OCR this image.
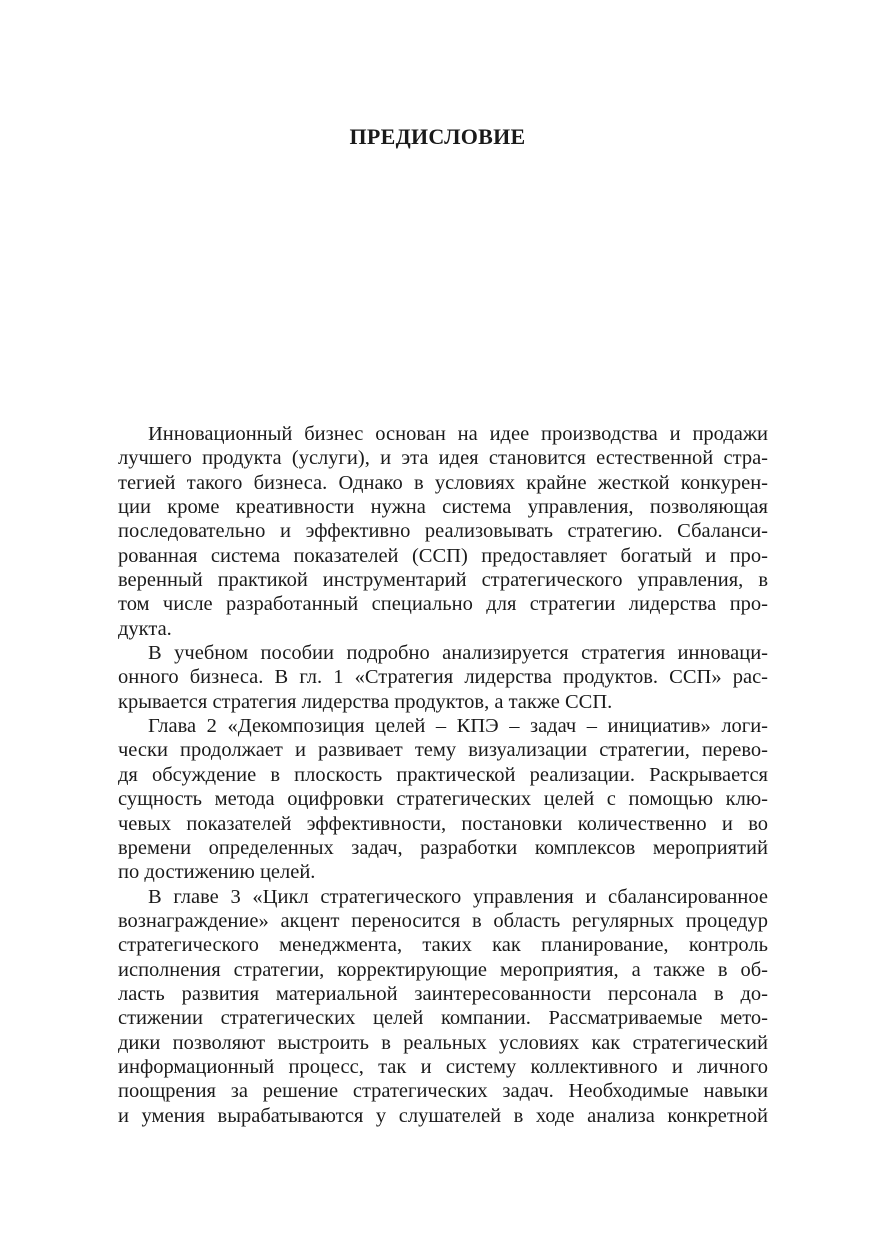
ПРЕДИСЛОВИЕ
Инновационный бизнес основан на идее производства и продажи
лучшего продукта (услуги), и эта идея становится естественной стра-
тегией такого бизнеса. Однако в условиях крайне жесткой конкурен-
ции кроме креативности нужна система управления, позволяющая
последовательно и эффективно реализовывать стратегию. Сбаланси-
рованная система показателей (ССП) предоставляет богатый и про-
веренный практикой инструментарий стратегического управления, в
том числе разработанный специально для стратегии лидерства про-
дукта.
В учебном пособии подробно анализируется стратегия инноваци-
онного бизнеса. В гл. 1 «Стратегия лидерства продуктов. ССП» рас-
крывается стратегия лидерства продуктов, а также ССП.
Глава 2 «Декомпозиция целей – КПЭ – задач – инициатив» логи-
чески продолжает и развивает тему визуализации стратегии, перево-
дя обсуждение в плоскость практической реализации. Раскрывается
сущность метода оцифровки стратегических целей с помощью клю-
чевых показателей эффективности, постановки количественно и во
времени определенных задач, разработки комплексов мероприятий
по достижению целей.
В главе 3 «Цикл стратегического управления и сбалансированное
вознаграждение» акцент переносится в область регулярных процедур
стратегического менеджмента, таких как планирование, контроль
исполнения стратегии, корректирующие мероприятия, а также в об-
ласть развития материальной заинтересованности персонала в до-
стижении стратегических целей компании. Рассматриваемые мето-
дики позволяют выстроить в реальных условиях как стратегический
информационный процесс, так и систему коллективного и личного
поощрения за решение стратегических задач. Необходимые навыки
и умения вырабатываются у слушателей в ходе анализа конкретной
